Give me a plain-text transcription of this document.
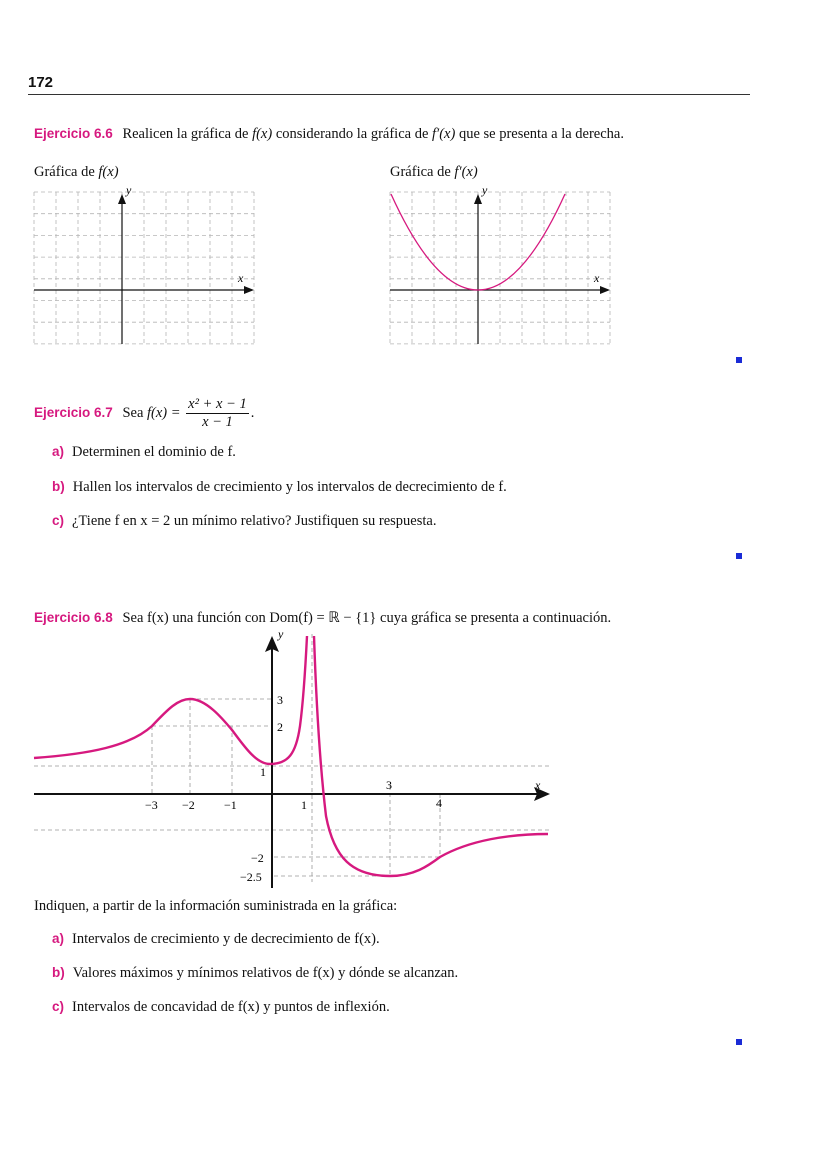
172
Ejercicio 6.6 Realicen la gráfica de f(x) considerando la gráfica de f′(x) que se presenta a la derecha.
Gráfica de f(x)	Gráfica de f′(x)
x
y
x
y
Ejercicio 6.7 Sea $f(x) = \frac{\text{x² + x − 1}}{x - 1}$ .
a) Determinen el dominio de f.
b) Hallen los intervalos de crecimiento y los intervalos de decrecimiento de f.
c) ¿Tiene f en x = 2 un mínimo relativo? Justifiquen su respuesta.
Ejercicio 6.8 Sea f(x) una función con Dom(f) = ℝ − {1} cuya gráfica se presenta a continuación.
x
y
−3 −2 −1	1
3
4
3
2
1
−2
−2.5
Indiquen, a partir de la información suministrada en la gráfica:
a) Intervalos de crecimiento y de decrecimiento de f(x).
b) Valores máximos y mínimos relativos de f(x) y dónde se alcanzan.
c) Intervalos de concavidad de f(x) y puntos de inflexión.
